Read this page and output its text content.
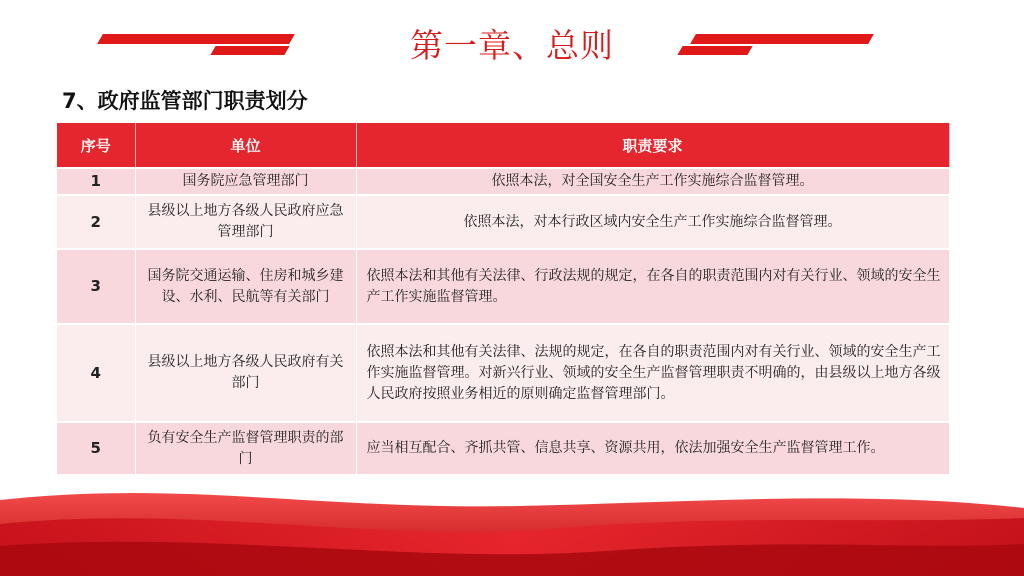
第一章、总则
7、政府监管部门职责划分
序号	单位	职责要求
1	国务院应急管理部门	依照本法，对全国安全生产工作实施综合监督管理。
2	县级以上地方各级人民政府应急管理部门	依照本法，对本行政区域内安全生产工作实施综合监督管理。
3	国务院交通运输、住房和城乡建设、水利、民航等有关部门	依照本法和其他有关法律、行政法规的规定，在各自的职责范围内对有关行业、领域的安全生产工作实施监督管理。
4	县级以上地方各级人民政府有关部门	依照本法和其他有关法律、法规的规定，在各自的职责范围内对有关行业、领域的安全生产工作实施监督管理。对新兴行业、领域的安全生产监督管理职责不明确的，由县级以上地方各级人民政府按照业务相近的原则确定监督管理部门。
5	负有安全生产监督管理职责的部门	应当相互配合、齐抓共管、信息共享、资源共用，依法加强安全生产监督管理工作。
